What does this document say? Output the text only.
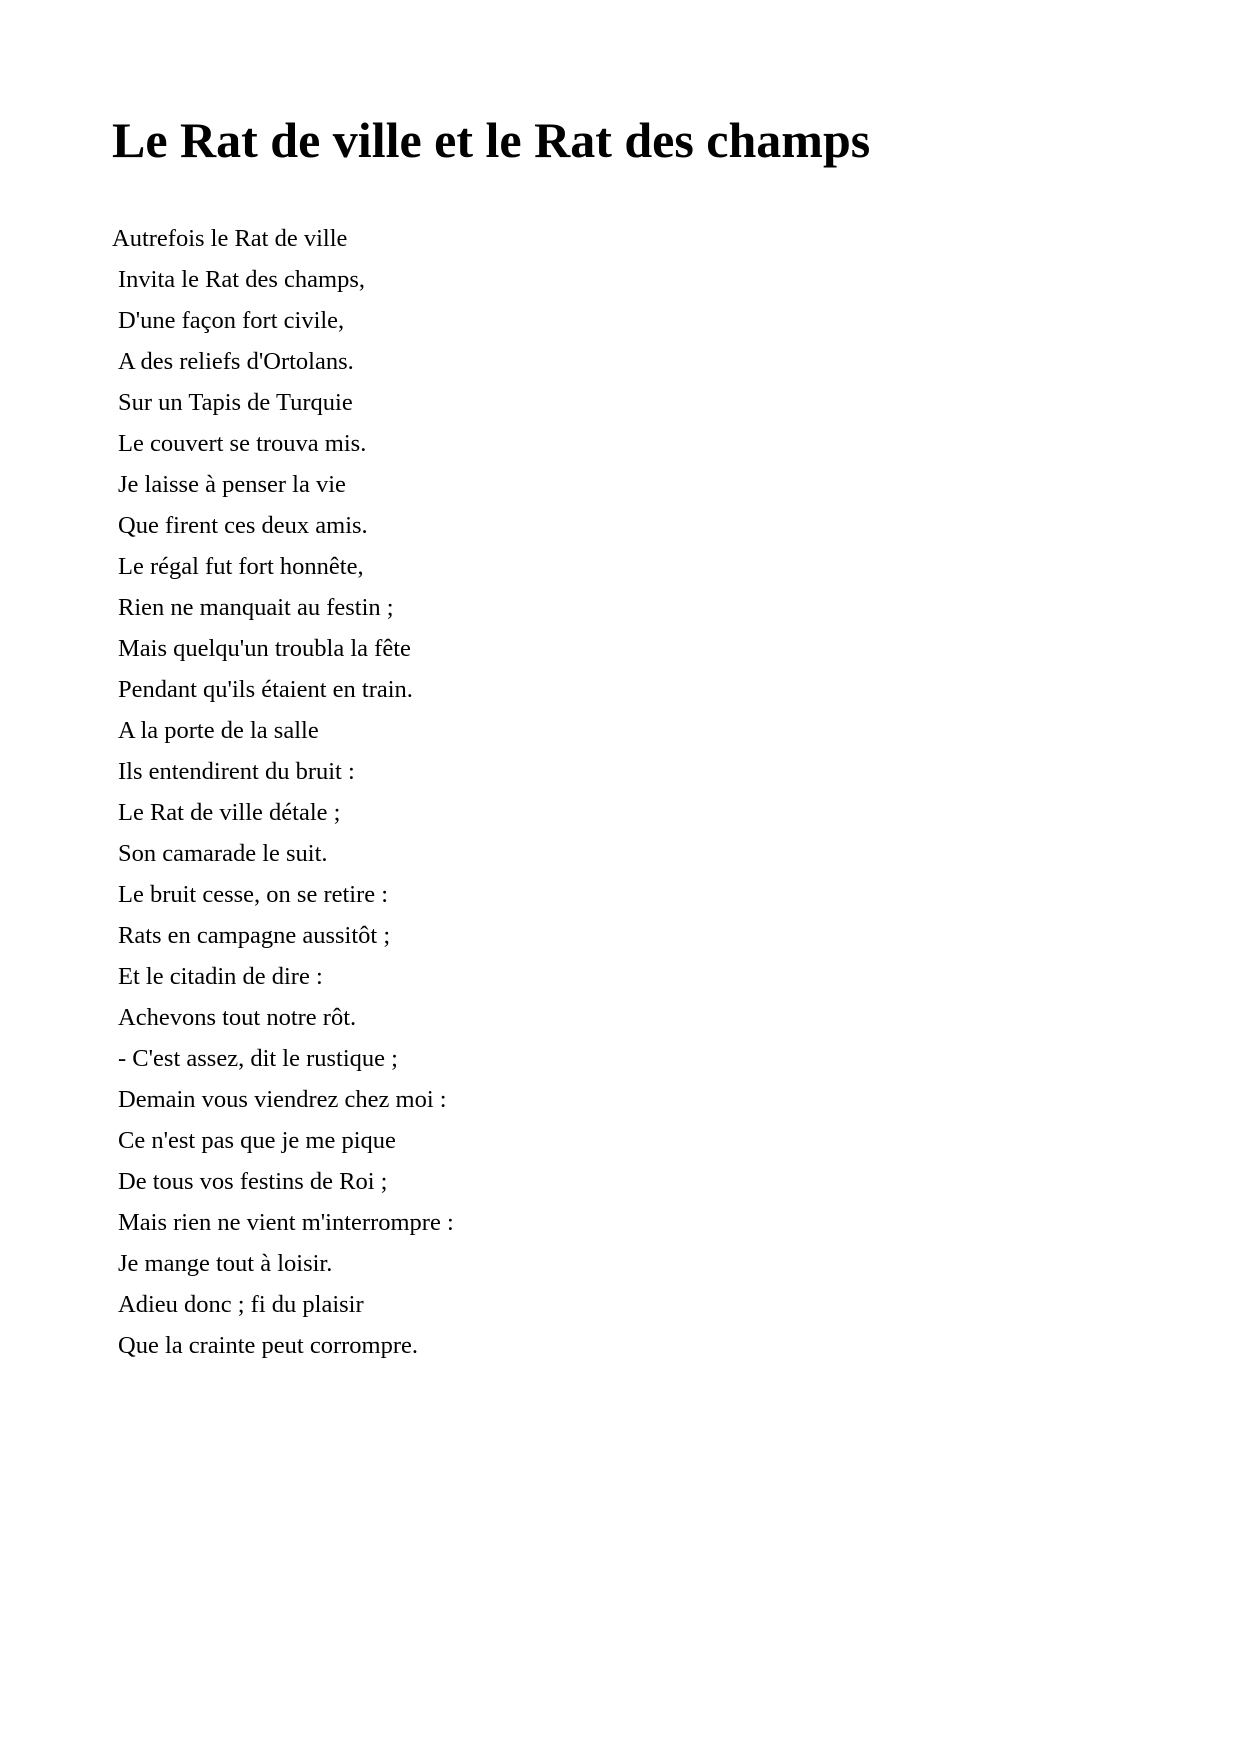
Le Rat de ville et le Rat des champs
Autrefois le Rat de ville
Invita le Rat des champs,
D'une façon fort civile,
A des reliefs d'Ortolans.
Sur un Tapis de Turquie
Le couvert se trouva mis.
Je laisse à penser la vie
Que firent ces deux amis.
Le régal fut fort honnête,
Rien ne manquait au festin ;
Mais quelqu'un troubla la fête
Pendant qu'ils étaient en train.
A la porte de la salle
Ils entendirent du bruit :
Le Rat de ville détale ;
Son camarade le suit.
Le bruit cesse, on se retire :
Rats en campagne aussitôt ;
Et le citadin de dire :
Achevons tout notre rôt.
- C'est assez, dit le rustique ;
Demain vous viendrez chez moi :
Ce n'est pas que je me pique
De tous vos festins de Roi ;
Mais rien ne vient m'interrompre :
Je mange tout à loisir.
Adieu donc ; fi du plaisir
Que la crainte peut corrompre.
